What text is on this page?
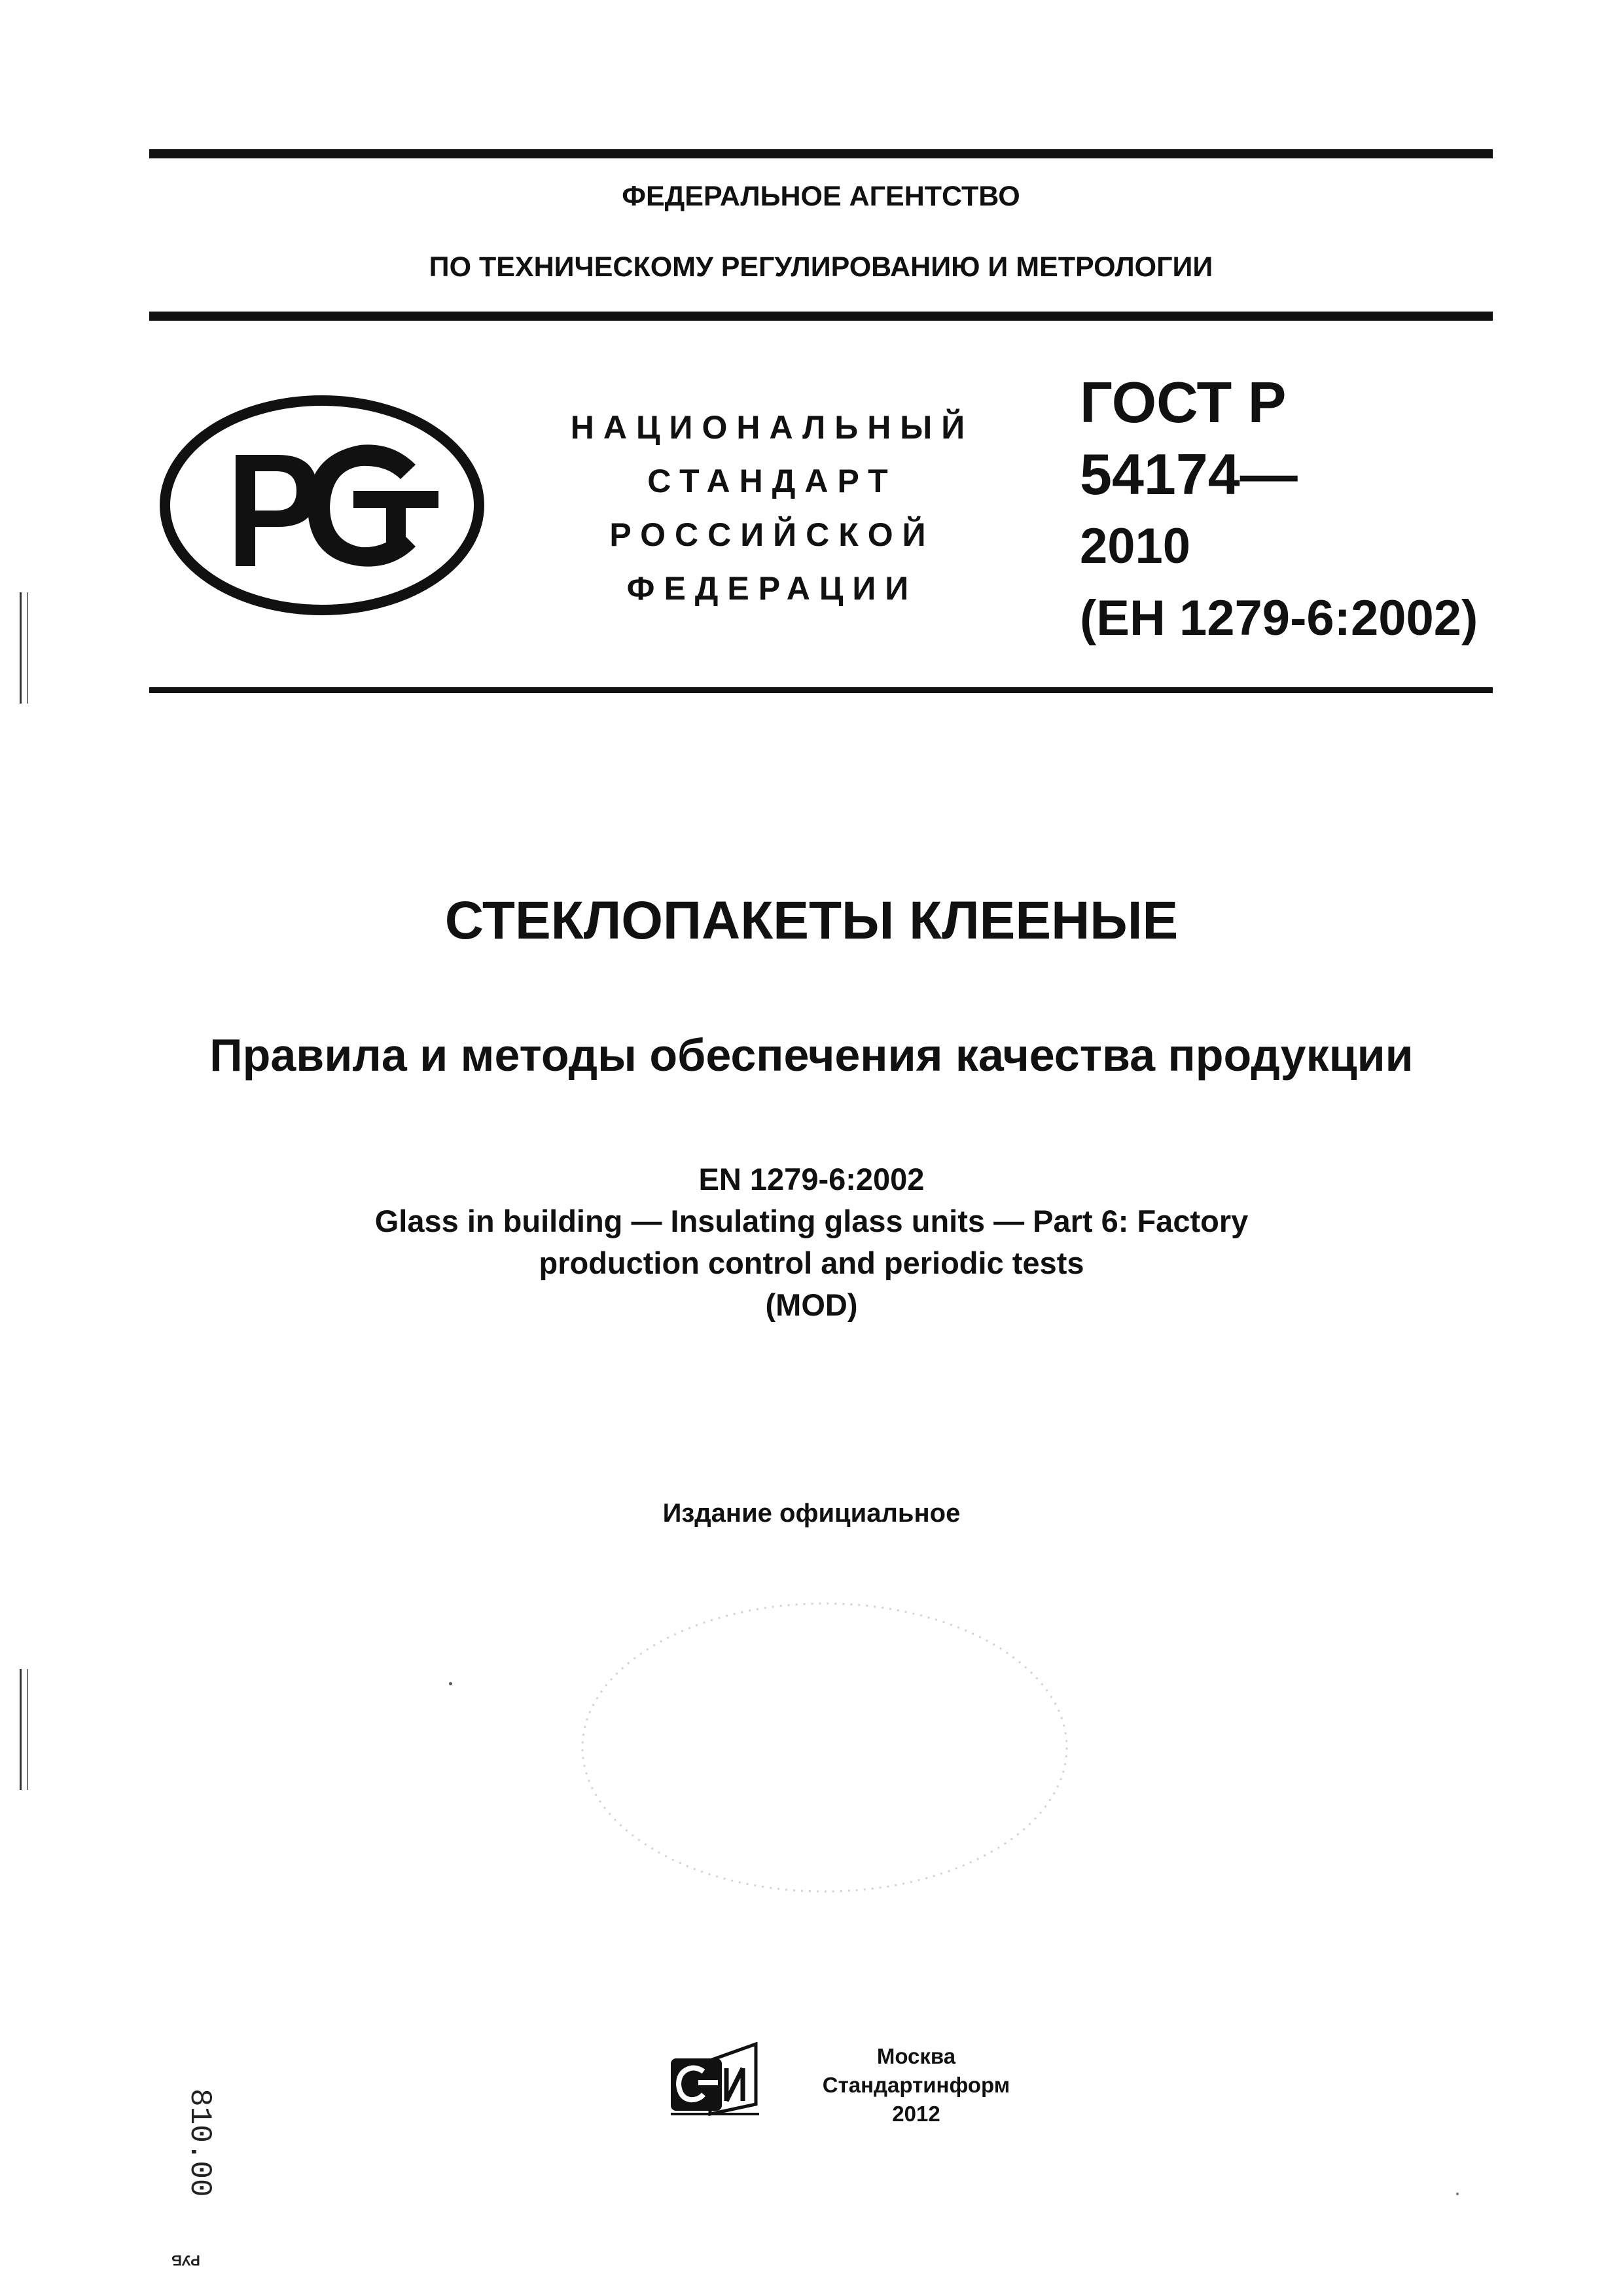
ФЕДЕРАЛЬНОЕ АГЕНТСТВО
ПО ТЕХНИЧЕСКОМУ РЕГУЛИРОВАНИЮ И МЕТРОЛОГИИ
НАЦИОНАЛЬНЫЙ
СТАНДАРТ
РОССИЙСКОЙ
ФЕДЕРАЦИИ
ГОСТ Р
54174—
2010
(ЕН 1279-6:2002)
СТЕКЛОПАКЕТЫ КЛЕЕНЫЕ
Правила и методы обеспечения качества продукции
EN 1279-6:2002
Glass in building — Insulating glass units — Part 6: Factory
production control and periodic tests
(MOD)
Издание официальное
Москва
Стандартинформ
2012
810.00
РУБ
